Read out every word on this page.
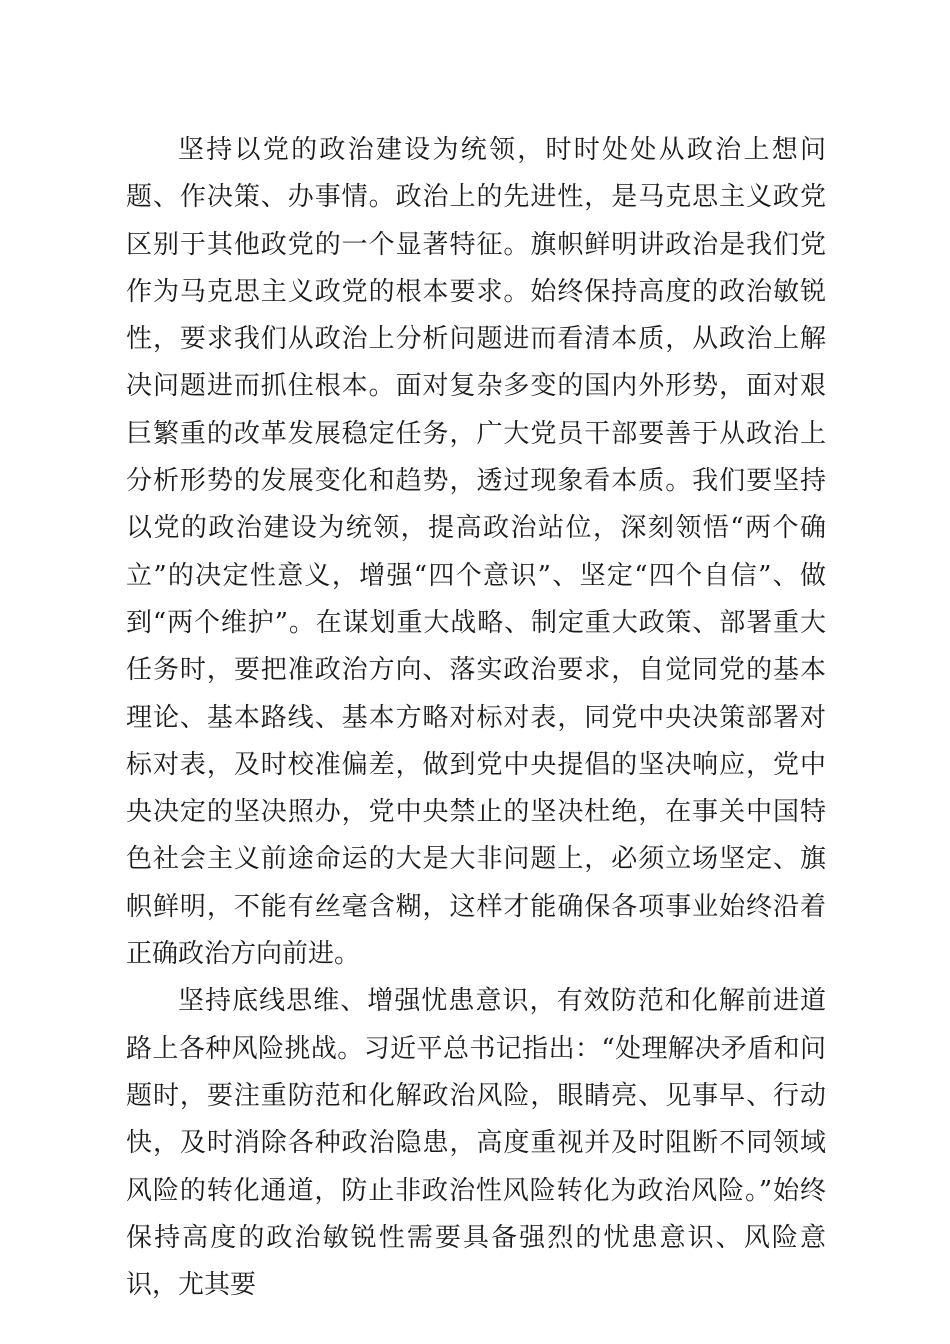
坚持以党的政治建设为统领，时时处处从政治上想问题、作决策、办事情。政治上的先进性，是马克思主义政党区别于其他政党的一个显著特征。旗帜鲜明讲政治是我们党作为马克思主义政党的根本要求。始终保持高度的政治敏锐性，要求我们从政治上分析问题进而看清本质，从政治上解决问题进而抓住根本。面对复杂多变的国内外形势，面对艰巨繁重的改革发展稳定任务，广大党员干部要善于从政治上分析形势的发展变化和趋势，透过现象看本质。我们要坚持以党的政治建设为统领，提高政治站位，深刻领悟“两个确立”的决定性意义，增强“四个意识”、坚定“四个自信”、做到“两个维护”。在谋划重大战略、制定重大政策、部署重大任务时，要把准政治方向、落实政治要求，自觉同党的基本理论、基本路线、基本方略对标对表，同党中央决策部署对标对表，及时校准偏差，做到党中央提倡的坚决响应，党中央决定的坚决照办，党中央禁止的坚决杜绝，在事关中国特色社会主义前途命运的大是大非问题上，必须立场坚定、旗帜鲜明，不能有丝毫含糊，这样才能确保各项事业始终沿着正确政治方向前进。

坚持底线思维、增强忧患意识，有效防范和化解前进道路上各种风险挑战。习近平总书记指出：“处理解决矛盾和问题时，要注重防范和化解政治风险，眼睛亮、见事早、行动快，及时消除各种政治隐患，高度重视并及时阻断不同领域风险的转化通道，防止非政治性风险转化为政治风险。”始终保持高度的政治敏锐性需要具备强烈的忧患意识、风险意识，尤其要
